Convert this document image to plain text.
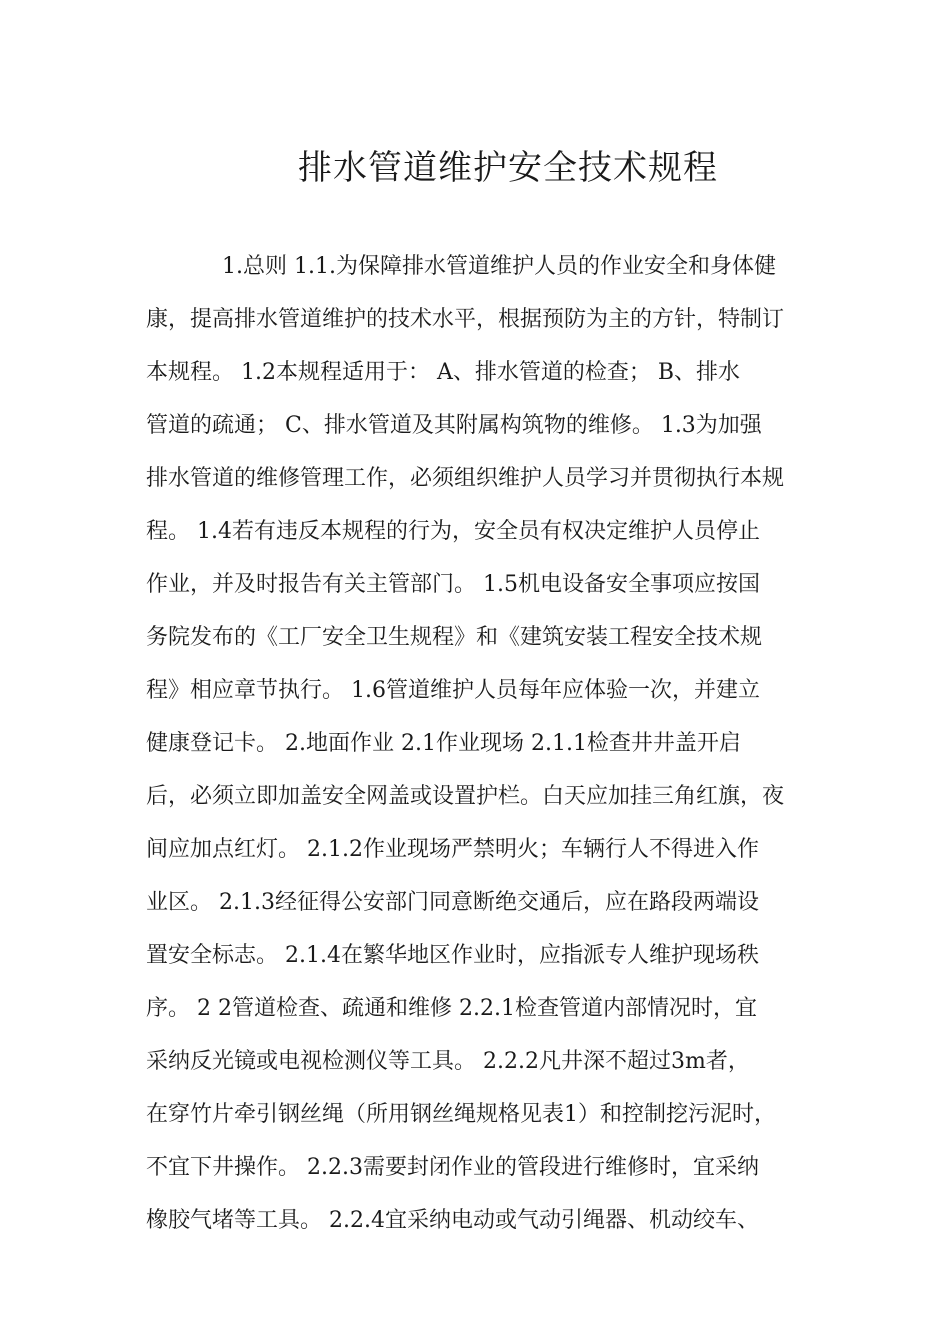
排水管道维护安全技术规程
1.总则 1.1.为保障排水管道维护人员的作业安全和身体健
康，提高排水管道维护的技术水平，根据预防为主的方针，特制订
本规程。 1.2本规程适用于： A、排水管道的检查； B、排水
管道的疏通； C、排水管道及其附属构筑物的维修。 1.3为加强
排水管道的维修管理工作，必须组织维护人员学习并贯彻执行本规
程。 1.4若有违反本规程的行为，安全员有权决定维护人员停止
作业，并及时报告有关主管部门。 1.5机电设备安全事项应按国
务院发布的《工厂安全卫生规程》和《建筑安装工程安全技术规
程》相应章节执行。 1.6管道维护人员每年应体验一次，并建立
健康登记卡。 2.地面作业 2.1作业现场 2.1.1检查井井盖开启
后，必须立即加盖安全网盖或设置护栏。白天应加挂三角红旗，夜
间应加点红灯。 2.1.2作业现场严禁明火；车辆行人不得进入作
业区。 2.1.3经征得公安部门同意断绝交通后，应在路段两端设
置安全标志。 2.1.4在繁华地区作业时，应指派专人维护现场秩
序。 2 2管道检查、疏通和维修 2.2.1检查管道内部情况时，宜
采纳反光镜或电视检测仪等工具。 2.2.2凡井深不超过3m者，
在穿竹片牵引钢丝绳（所用钢丝绳规格见表1）和控制挖污泥时，
不宜下井操作。 2.2.3需要封闭作业的管段进行维修时，宜采纳
橡胶气堵等工具。 2.2.4宜采纳电动或气动引绳器、机动绞车、
